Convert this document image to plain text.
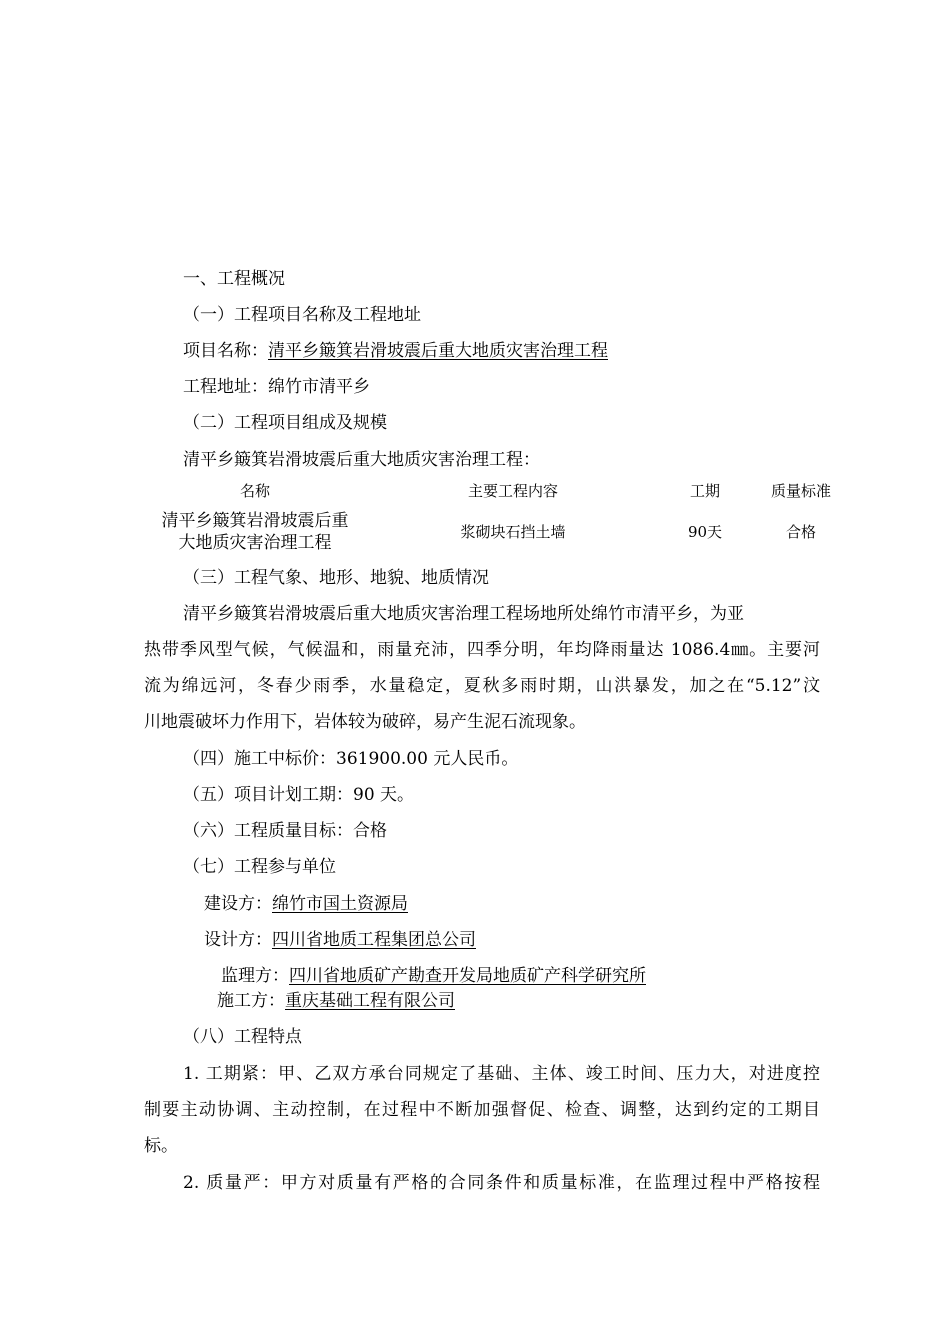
一、工程概况
（一）工程项目名称及工程地址
项目名称：清平乡簸箕岩滑坡震后重大地质灾害治理工程
工程地址：绵竹市清平乡
（二）工程项目组成及规模
清平乡簸箕岩滑坡震后重大地质灾害治理工程：
名称	主要工程内容	工期	质量标准
清平乡簸箕岩滑坡震后重
大地质灾害治理工程
浆砌块石挡土墙	90天	合格
（三）工程气象、地形、地貌、地质情况
清平乡簸箕岩滑坡震后重大地质灾害治理工程场地所处绵竹市清平乡，为亚
热带季风型气候，气候温和，雨量充沛，四季分明，年均降雨量达 1086.4㎜。主要河
流为绵远河，冬春少雨季，水量稳定，夏秋多雨时期，山洪暴发，加之在“5.12”汶
川地震破坏力作用下，岩体较为破碎，易产生泥石流现象。
（四）施工中标价：361900.00 元人民币。
（五）项目计划工期：90 天。
（六）工程质量目标：合格
（七）工程参与单位
建设方：绵竹市国土资源局
设计方：四川省地质工程集团总公司
监理方：四川省地质矿产勘查开发局地质矿产科学研究所
施工方：重庆基础工程有限公司
（八）工程特点
1. 工期紧：甲、乙双方承台同规定了基础、主体、竣工时间、压力大，对进度控
制要主动协调、主动控制，在过程中不断加强督促、检查、调整，达到约定的工期目
标。
2. 质量严：甲方对质量有严格的合同条件和质量标准，在监理过程中严格按程
